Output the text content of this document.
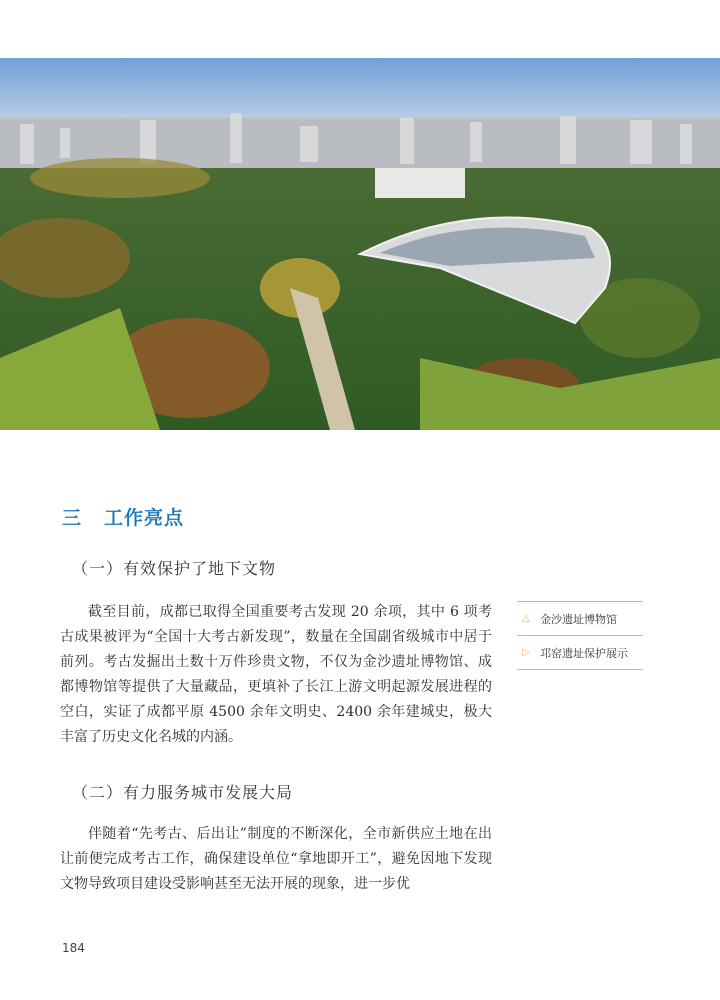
三 工作亮点
（一）有效保护了地下文物

截至目前，成都已取得全国重要考古发现 20 余项，其中 6 项考古成果被评为“全国十大考古新发现”，数量在全国副省级城市中居于前列。考古发掘出土数十万件珍贵文物，不仅为金沙遗址博物馆、成都博物馆等提供了大量藏品，更填补了长江上游文明起源发展进程的空白，实证了成都平原 4500 余年文明史、2400 余年建城史，极大丰富了历史文化名城的内涵。

（二）有力服务城市发展大局

伴随着“先考古、后出让”制度的不断深化，全市新供应土地在出让前便完成考古工作，确保建设单位“拿地即开工”，避免因地下发现文物导致项目建设受影响甚至无法开展的现象，进一步优

△ 金沙遗址博物馆
▷ 邛窑遗址保护展示
184
